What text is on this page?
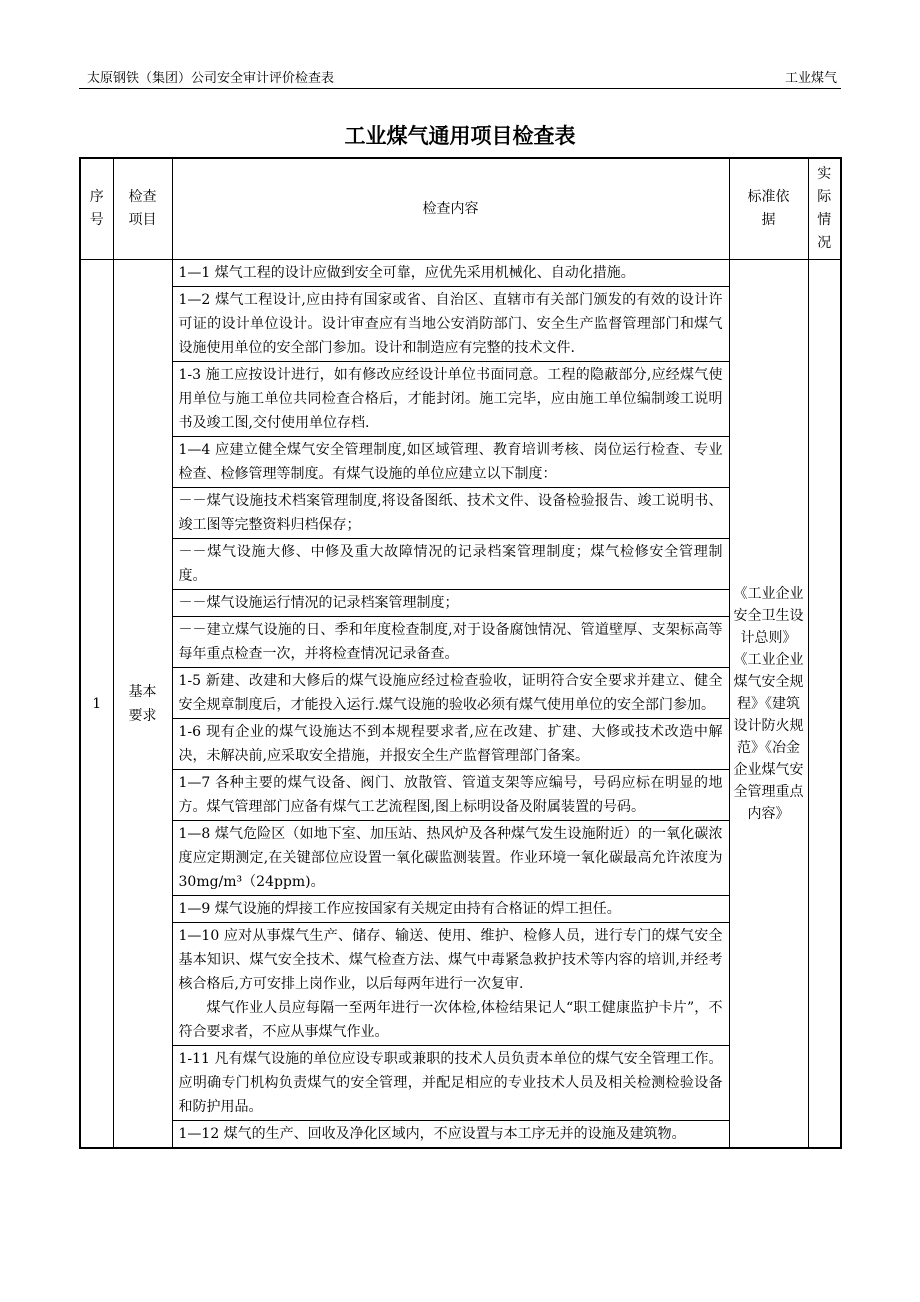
太原钢铁（集团）公司安全审计评价检查表	工业煤气
工业煤气通用项目检查表
序号	检查项目	检查内容	标准依据	实际情况
1	基本要求	1—1 煤气工程的设计应做到安全可靠，应优先采用机械化、自动化措施。	《工业企业安全卫生设计总则》《工业企业煤气安全规程》《建筑设计防火规范》《冶金企业煤气安全管理重点内容》	

		1—2 煤气工程设计,应由持有国家或省、自治区、直辖市有关部门颁发的有效的设计许可证的设计单位设计。设计审查应有当地公安消防部门、安全生产监督管理部门和煤气设施使用单位的安全部门参加。设计和制造应有完整的技术文件.		

		1-3 施工应按设计进行，如有修改应经设计单位书面同意。工程的隐蔽部分,应经煤气使用单位与施工单位共同检查合格后，才能封闭。施工完毕，应由施工单位编制竣工说明书及竣工图,交付使用单位存档.		

		1—4 应建立健全煤气安全管理制度,如区域管理、教育培训考核、岗位运行检查、专业检查、检修管理等制度。有煤气设施的单位应建立以下制度：		

		－－煤气设施技术档案管理制度,将设备图纸、技术文件、设备检验报告、竣工说明书、竣工图等完整资料归档保存；		

		－－煤气设施大修、中修及重大故障情况的记录档案管理制度；煤气检修安全管理制度。		

		－－煤气设施运行情况的记录档案管理制度；		

		－－建立煤气设施的日、季和年度检查制度,对于设备腐蚀情况、管道壁厚、支架标高等每年重点检查一次，并将检查情况记录备查。		

		1-5 新建、改建和大修后的煤气设施应经过检查验收，证明符合安全要求并建立、健全安全规章制度后，才能投入运行.煤气设施的验收必须有煤气使用单位的安全部门参加。		

		1-6 现有企业的煤气设施达不到本规程要求者,应在改建、扩建、大修或技术改造中解决，未解决前,应采取安全措施，并报安全生产监督管理部门备案。		

		1—7 各种主要的煤气设备、阀门、放散管、管道支架等应编号，号码应标在明显的地方。煤气管理部门应备有煤气工艺流程图,图上标明设备及附属装置的号码。		

		1—8 煤气危险区（如地下室、加压站、热风炉及各种煤气发生设施附近）的一氧化碳浓度应定期测定,在关键部位应设置一氧化碳监测装置。作业环境一氧化碳最高允许浓度为30mg/m³（24ppm)。		

		1—9 煤气设施的焊接工作应按国家有关规定由持有合格证的焊工担任。		

		1—10 应对从事煤气生产、储存、输送、使用、维护、检修人员，进行专门的煤气安全基本知识、煤气安全技术、煤气检查方法、煤气中毒紧急救护技术等内容的培训,并经考核合格后,方可安排上岗作业，以后每两年进行一次复审.
煤气作业人员应每隔一至两年进行一次体检,体检结果记人“职工健康监护卡片”，不符合要求者，不应从事煤气作业。		

		1-11 凡有煤气设施的单位应设专职或兼职的技术人员负责本单位的煤气安全管理工作。应明确专门机构负责煤气的安全管理，并配足相应的专业技术人员及相关检测检验设备和防护用品。		

		1—12 煤气的生产、回收及净化区域内，不应设置与本工序无并的设施及建筑物。		
